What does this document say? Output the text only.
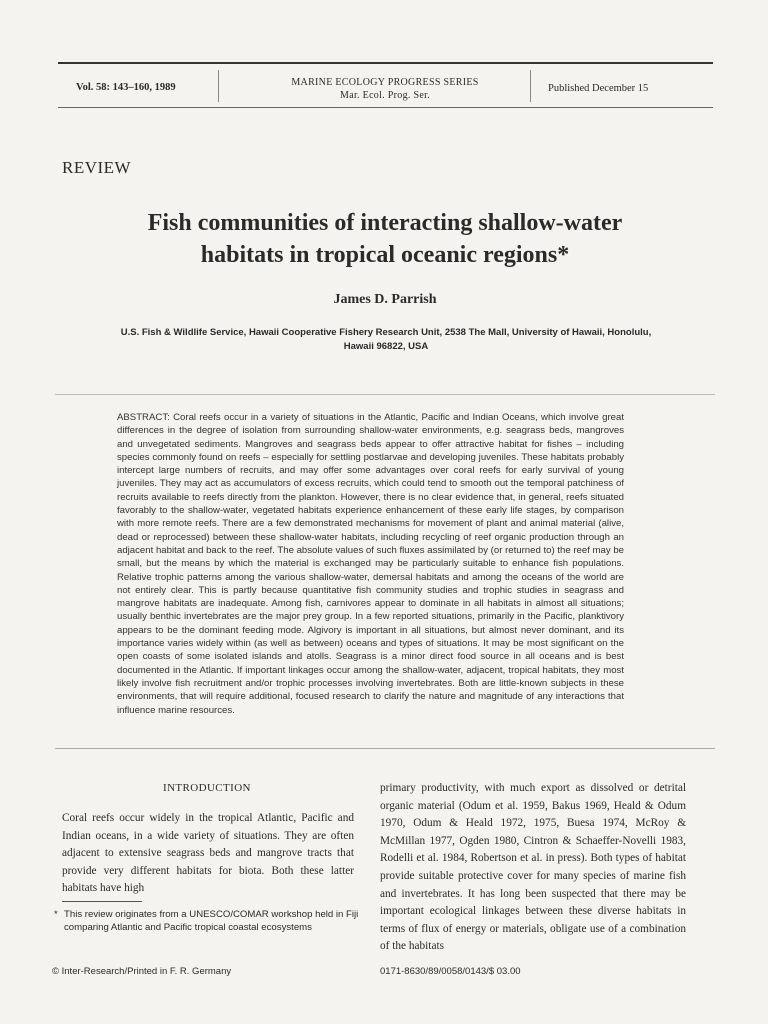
Vol. 58: 143–160, 1989	MARINE ECOLOGY PROGRESS SERIES
Mar. Ecol. Prog. Ser.
Published December 15
REVIEW
Fish communities of interacting shallow-water
habitats in tropical oceanic regions*
James D. Parrish
U.S. Fish & Wildlife Service, Hawaii Cooperative Fishery Research Unit, 2538 The Mall, University of Hawaii, Honolulu,
Hawaii 96822, USA
ABSTRACT: Coral reefs occur in a variety of situations in the Atlantic, Pacific and Indian Oceans, which involve great differences in the degree of isolation from surrounding shallow-water environments, e.g. seagrass beds, mangroves and unvegetated sediments. Mangroves and seagrass beds appear to offer attractive habitat for fishes – including species commonly found on reefs – especially for settling postlarvae and developing juveniles. These habitats probably intercept large numbers of recruits, and may offer some advantages over coral reefs for early survival of young juveniles. They may act as accumulators of excess recruits, which could tend to smooth out the temporal patchiness of recruits available to reefs directly from the plankton. However, there is no clear evidence that, in general, reefs situated favorably to the shallow-water, vegetated habitats experience enhancement of these early life stages, by comparison with more remote reefs. There are a few demonstrated mechanisms for movement of plant and animal material (alive, dead or reprocessed) between these shallow-water habitats, including recycling of reef organic production through an adjacent habitat and back to the reef. The absolute values of such fluxes assimilated by (or returned to) the reef may be small, but the means by which the material is exchanged may be particularly suitable to enhance fish populations. Relative trophic patterns among the various shallow-water, demersal habitats and among the oceans of the world are not entirely clear. This is partly because quantitative fish community studies and trophic studies in seagrass and mangrove habitats are inadequate. Among fish, carnivores appear to dominate in all habitats in almost all situations; usually benthic invertebrates are the major prey group. In a few reported situations, primarily in the Pacific, planktivory appears to be the dominant feeding mode. Algivory is important in all situations, but almost never dominant, and its importance varies widely within (as well as between) oceans and types of situations. It may be most significant on the open coasts of some isolated islands and atolls. Seagrass is a minor direct food source in all oceans and is best documented in the Atlantic. If important linkages occur among the shallow-water, adjacent, tropical habitats, they most likely involve fish recruitment and/or trophic processes involving invertebrates. Both are little-known subjects in these environments, that will require additional, focused research to clarify the nature and magnitude of any interactions that influence marine resources.
INTRODUCTION
Coral reefs occur widely in the tropical Atlantic, Pacific and Indian oceans, in a wide variety of situations. They are often adjacent to extensive seagrass beds and mangrove tracts that provide very different habitats for biota. Both these latter habitats have high
primary productivity, with much export as dissolved or detrital organic material (Odum et al. 1959, Bakus 1969, Heald & Odum 1970, Odum & Heald 1972, 1975, Buesa 1974, McRoy & McMillan 1977, Ogden 1980, Cintron & Schaeffer-Novelli 1983, Rodelli et al. 1984, Robertson et al. in press). Both types of habitat provide suitable protective cover for many species of marine fish and invertebrates. It has long been suspected that there may be important ecological linkages between these diverse habitats in terms of flux of energy or materials, obligate use of a combination of the habitats
* This review originates from a UNESCO/COMAR workshop held in Fiji comparing Atlantic and Pacific tropical coastal ecosystems
© Inter-Research/Printed in F. R. Germany	0171-8630/89/0058/0143/$ 03.00
